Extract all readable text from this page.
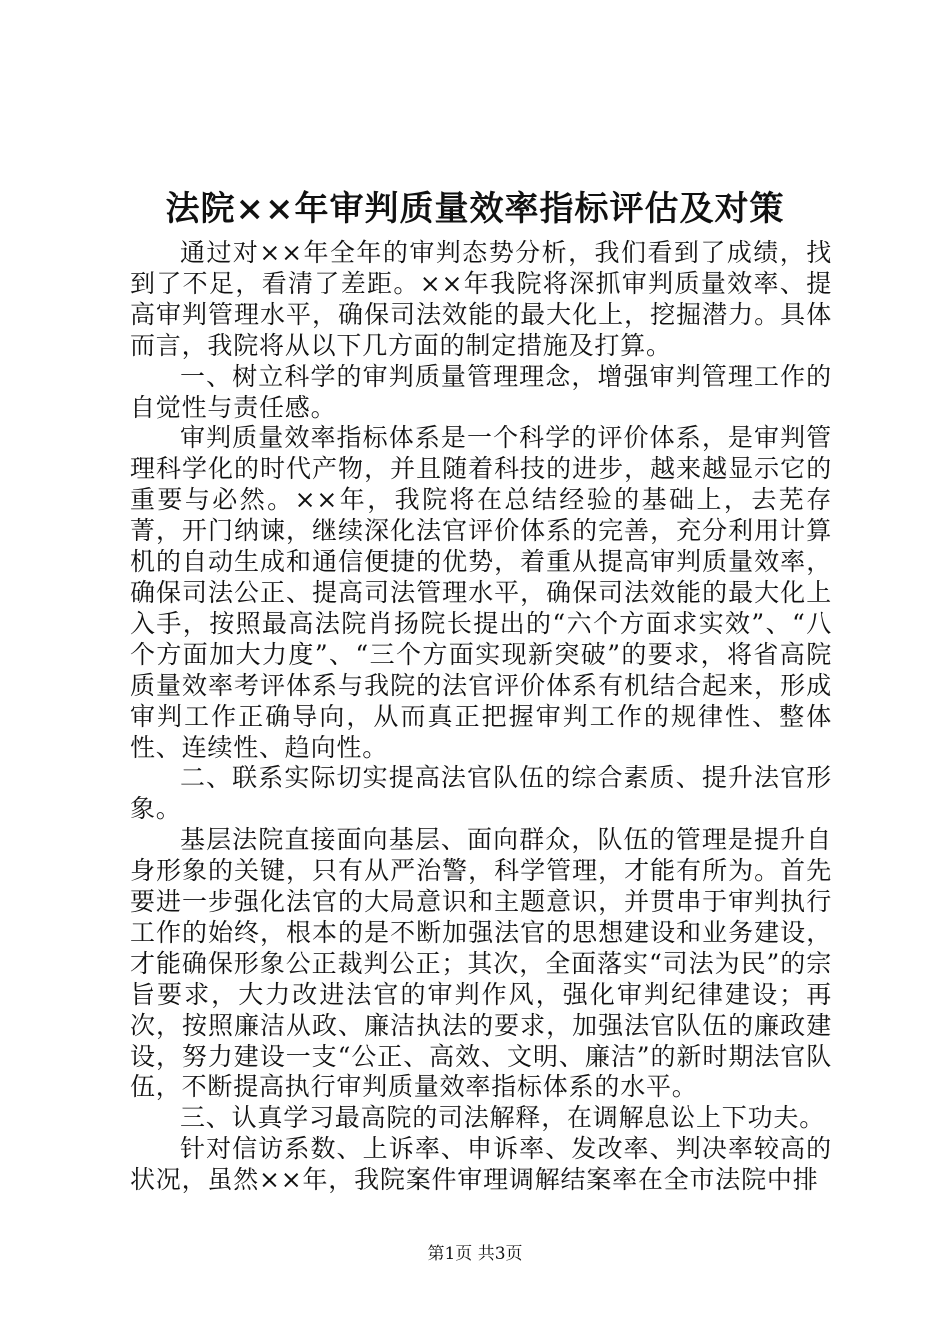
法院××年审判质量效率指标评估及对策

通过对××年全年的审判态势分析，我们看到了成绩，找到了不足，看清了差距。××年我院将深抓审判质量效率、提高审判管理水平，确保司法效能的最大化上，挖掘潜力。具体而言，我院将从以下几方面的制定措施及打算。

一、树立科学的审判质量管理理念，增强审判管理工作的自觉性与责任感。

审判质量效率指标体系是一个科学的评价体系，是审判管理科学化的时代产物，并且随着科技的进步，越来越显示它的重要与必然。××年，我院将在总结经验的基础上，去芜存菁，开门纳谏，继续深化法官评价体系的完善，充分利用计算机的自动生成和通信便捷的优势，着重从提高审判质量效率，确保司法公正、提高司法管理水平，确保司法效能的最大化上入手，按照最高法院肖扬院长提出的“六个方面求实效”、“八个方面加大力度”、“三个方面实现新突破”的要求，将省高院质量效率考评体系与我院的法官评价体系有机结合起来，形成审判工作正确导向，从而真正把握审判工作的规律性、整体性、连续性、趋向性。

二、联系实际切实提高法官队伍的综合素质、提升法官形象。

基层法院直接面向基层、面向群众，队伍的管理是提升自身形象的关键，只有从严治警，科学管理，才能有所为。首先要进一步强化法官的大局意识和主题意识，并贯串于审判执行工作的始终，根本的是不断加强法官的思想建设和业务建设，才能确保形象公正裁判公正；其次，全面落实“司法为民”的宗旨要求，大力改进法官的审判作风，强化审判纪律建设；再次，按照廉洁从政、廉洁执法的要求，加强法官队伍的廉政建设，努力建设一支“公正、高效、文明、廉洁”的新时期法官队伍，不断提高执行审判质量效率指标体系的水平。

三、认真学习最高院的司法解释，在调解息讼上下功夫。

针对信访系数、上诉率、申诉率、发改率、判决率较高的状况，虽然××年，我院案件审理调解结案率在全市法院中排

第1页 共3页
